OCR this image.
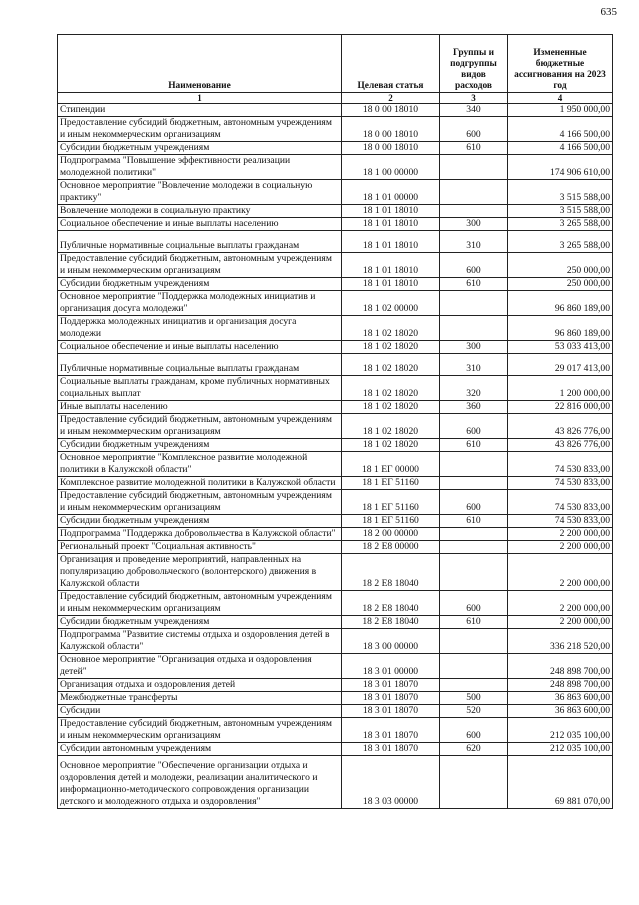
635
Наименование	Целевая статья	Группы и подгруппы видов расходов	Измененные бюджетные ассигнования на 2023 год
1	2	3	4
Стипендии	18 0 00 18010	340	1 950 000,00
Предоставление субсидий бюджетным, автономным учреждениям и иным некоммерческим организациям	18 0 00 18010	600	4 166 500,00
Субсидии бюджетным учреждениям	18 0 00 18010	610	4 166 500,00
Подпрограмма "Повышение эффективности реализации молодежной политики"	18 1 00 00000		174 906 610,00
Основное мероприятие "Вовлечение молодежи в социальную практику"	18 1 01 00000		3 515 588,00
Вовлечение молодежи в социальную практику	18 1 01 18010		3 515 588,00
Социальное обеспечение и иные выплаты населению	18 1 01 18010	300	3 265 588,00
Публичные нормативные социальные выплаты гражданам	18 1 01 18010	310	3 265 588,00
Предоставление субсидий бюджетным, автономным учреждениям и иным некоммерческим организациям	18 1 01 18010	600	250 000,00
Субсидии бюджетным учреждениям	18 1 01 18010	610	250 000,00
Основное мероприятие "Поддержка молодежных инициатив и организация досуга молодежи"	18 1 02 00000		96 860 189,00
Поддержка молодежных инициатив и организация досуга молодежи	18 1 02 18020		96 860 189,00
Социальное обеспечение и иные выплаты населению	18 1 02 18020	300	53 033 413,00
Публичные нормативные социальные выплаты гражданам	18 1 02 18020	310	29 017 413,00
Социальные выплаты гражданам, кроме публичных нормативных социальных выплат	18 1 02 18020	320	1 200 000,00
Иные выплаты населению	18 1 02 18020	360	22 816 000,00
Предоставление субсидий бюджетным, автономным учреждениям и иным некоммерческим организациям	18 1 02 18020	600	43 826 776,00
Субсидии бюджетным учреждениям	18 1 02 18020	610	43 826 776,00
Основное мероприятие "Комплексное развитие молодежной политики в Калужской области"	18 1 ЕГ 00000		74 530 833,00
Комплексное развитие молодежной политики в Калужской области	18 1 ЕГ 51160		74 530 833,00
Предоставление субсидий бюджетным, автономным учреждениям и иным некоммерческим организациям	18 1 ЕГ 51160	600	74 530 833,00
Субсидии бюджетным учреждениям	18 1 ЕГ 51160	610	74 530 833,00
Подпрограмма "Поддержка добровольчества в Калужской области"	18 2 00 00000		2 200 000,00
Региональный проект "Социальная активность"	18 2 Е8 00000		2 200 000,00
Организация и проведение мероприятий, направленных на популяризацию добровольческого (волонтерского) движения в Калужской области	18 2 Е8 18040		2 200 000,00
Предоставление субсидий бюджетным, автономным учреждениям и иным некоммерческим организациям	18 2 Е8 18040	600	2 200 000,00
Субсидии бюджетным учреждениям	18 2 Е8 18040	610	2 200 000,00
Подпрограмма "Развитие системы отдыха и оздоровления детей в Калужской области"	18 3 00 00000		336 218 520,00
Основное мероприятие "Организация отдыха и оздоровления детей"	18 3 01 00000		248 898 700,00
Организация отдыха и оздоровления детей	18 3 01 18070		248 898 700,00
Межбюджетные трансферты	18 3 01 18070	500	36 863 600,00
Субсидии	18 3 01 18070	520	36 863 600,00
Предоставление субсидий бюджетным, автономным учреждениям и иным некоммерческим организациям	18 3 01 18070	600	212 035 100,00
Субсидии автономным учреждениям	18 3 01 18070	620	212 035 100,00
Основное мероприятие "Обеспечение организации отдыха и оздоровления детей и молодежи, реализации аналитического и информационно-методического сопровождения организации детского и молодежного отдыха и оздоровления"	18 3 03 00000		69 881 070,00
